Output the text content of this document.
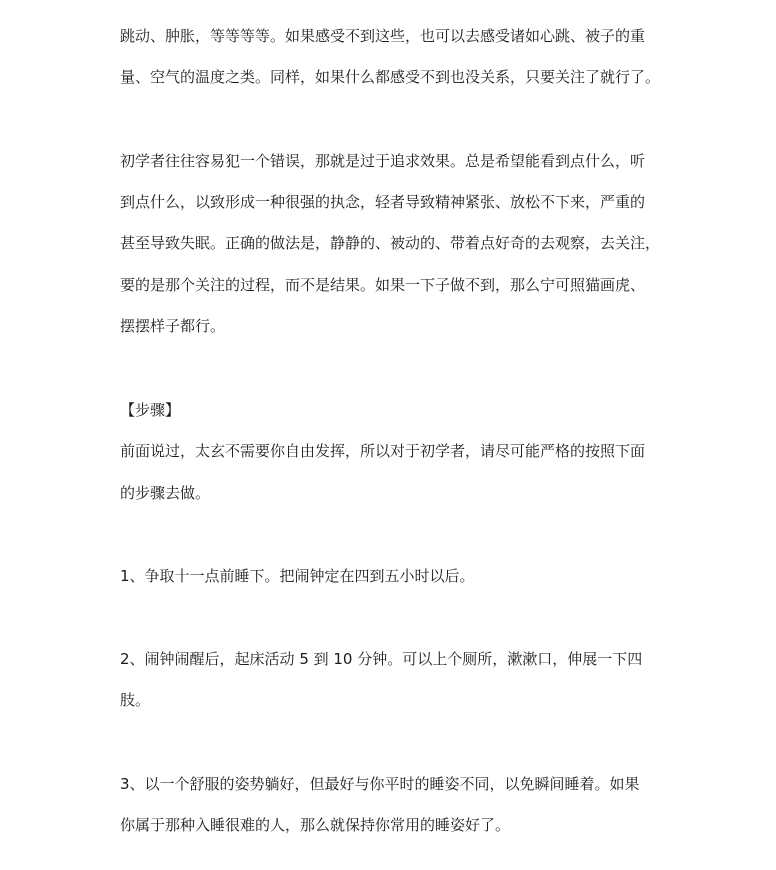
跳动、肿胀，等等等等。如果感受不到这些，也可以去感受诸如心跳、被子的重
量、空气的温度之类。同样，如果什么都感受不到也没关系，只要关注了就行了。
初学者往往容易犯一个错误，那就是过于追求效果。总是希望能看到点什么，听
到点什么，以致形成一种很强的执念，轻者导致精神紧张、放松不下来，严重的
甚至导致失眠。正确的做法是，静静的、被动的、带着点好奇的去观察，去关注，
要的是那个关注的过程，而不是结果。如果一下子做不到，那么宁可照猫画虎、
摆摆样子都行。
【步骤】
前面说过，太玄不需要你自由发挥，所以对于初学者，请尽可能严格的按照下面
的步骤去做。
1、争取十一点前睡下。把闹钟定在四到五小时以后。
2、闹钟闹醒后，起床活动 5 到 10 分钟。可以上个厕所，漱漱口，伸展一下四
肢。
3、以一个舒服的姿势躺好，但最好与你平时的睡姿不同，以免瞬间睡着。如果
你属于那种入睡很难的人，那么就保持你常用的睡姿好了。
